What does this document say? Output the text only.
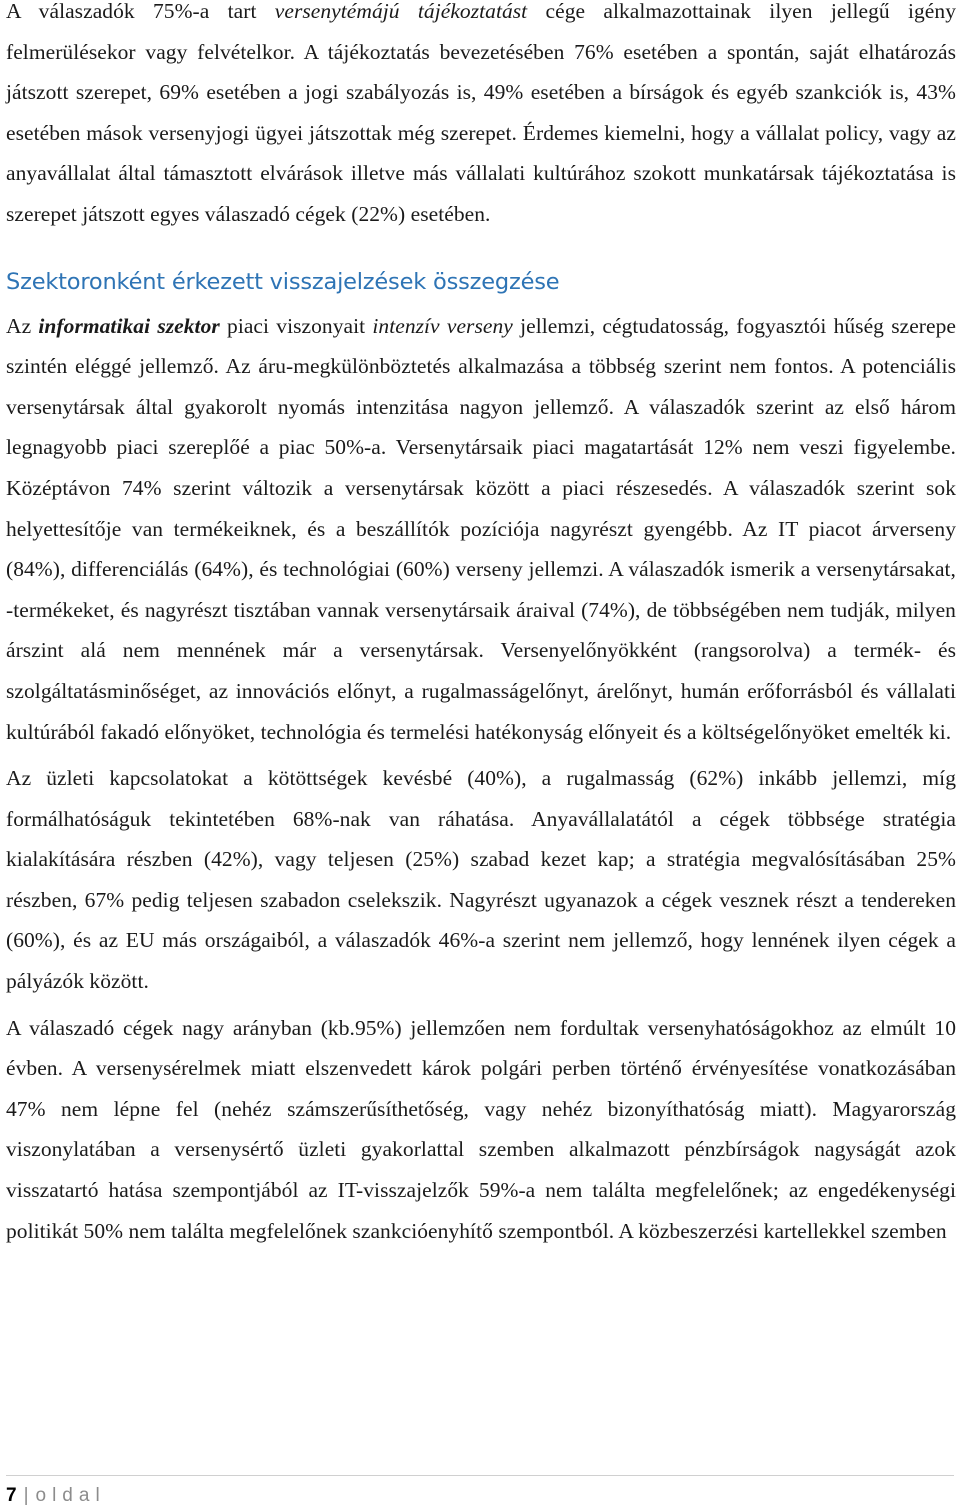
A válaszadók 75%-a tart versenytémájú tájékoztatást cége alkalmazottainak ilyen jellegű igény felmerülésekor vagy felvételkor. A tájékoztatás bevezetésében 76% esetében a spontán, saját elhatározás játszott szerepet, 69% esetében a jogi szabályozás is, 49% esetében a bírságok és egyéb szankciók is, 43% esetében mások versenyjogi ügyei játszottak még szerepet. Érdemes kiemelni, hogy a vállalat policy, vagy az anyavállalat által támasztott elvárások illetve más vállalati kultúrához szokott munkatársak tájékoztatása is szerepet játszott egyes válaszadó cégek (22%) esetében.

Szektoronként érkezett visszajelzések összegzése

Az informatikai szektor piaci viszonyait intenzív verseny jellemzi, cégtudatosság, fogyasztói hűség szerepe szintén eléggé jellemző. Az áru-megkülönböztetés alkalmazása a többség szerint nem fontos. A potenciális versenytársak által gyakorolt nyomás intenzitása nagyon jellemző. A válaszadók szerint az első három legnagyobb piaci szereplőé a piac 50%-a. Versenytársaik piaci magatartását 12% nem veszi figyelembe. Középtávon 74% szerint változik a versenytársak között a piaci részesedés. A válaszadók szerint sok helyettesítője van termékeiknek, és a beszállítók pozíciója nagyrészt gyengébb. Az IT piacot árverseny (84%), differenciálás (64%), és technológiai (60%) verseny jellemzi. A válaszadók ismerik a versenytársakat, -termékeket, és nagyrészt tisztában vannak versenytársaik áraival (74%), de többségében nem tudják, milyen árszint alá nem mennének már a versenytársak. Versenyelőnyökként (rangsorolva) a termék- és szolgáltatásminőséget, az innovációs előnyt, a rugalmasságelőnyt, árelőnyt, humán erőforrásból és vállalati kultúrából fakadó előnyöket, technológia és termelési hatékonyság előnyeit és a költségelőnyöket emelték ki.

Az üzleti kapcsolatokat a kötöttségek kevésbé (40%), a rugalmasság (62%) inkább jellemzi, míg formálhatóságuk tekintetében 68%-nak van ráhatása. Anyavállalatától a cégek többsége stratégia kialakítására részben (42%), vagy teljesen (25%) szabad kezet kap; a stratégia megvalósításában 25% részben, 67% pedig teljesen szabadon cselekszik. Nagyrészt ugyanazok a cégek vesznek részt a tendereken (60%), és az EU más országaiból, a válaszadók 46%-a szerint nem jellemző, hogy lennének ilyen cégek a pályázók között.

A válaszadó cégek nagy arányban (kb.95%) jellemzően nem fordultak versenyhatóságokhoz az elmúlt 10 évben. A versenysérelmek miatt elszenvedett károk polgári perben történő érvényesítése vonatkozásában 47% nem lépne fel (nehéz számszerűsíthetőség, vagy nehéz bizonyíthatóság miatt). Magyarország viszonylatában a versenysértő üzleti gyakorlattal szemben alkalmazott pénzbírságok nagyságát azok visszatartó hatása szempontjából az IT-visszajelzők 59%-a nem találta megfelelőnek; az engedékenységi politikát 50% nem találta megfelelőnek szankcióenyhítő szempontból. A közbeszerzési kartellekkel szemben

7 | oldal
